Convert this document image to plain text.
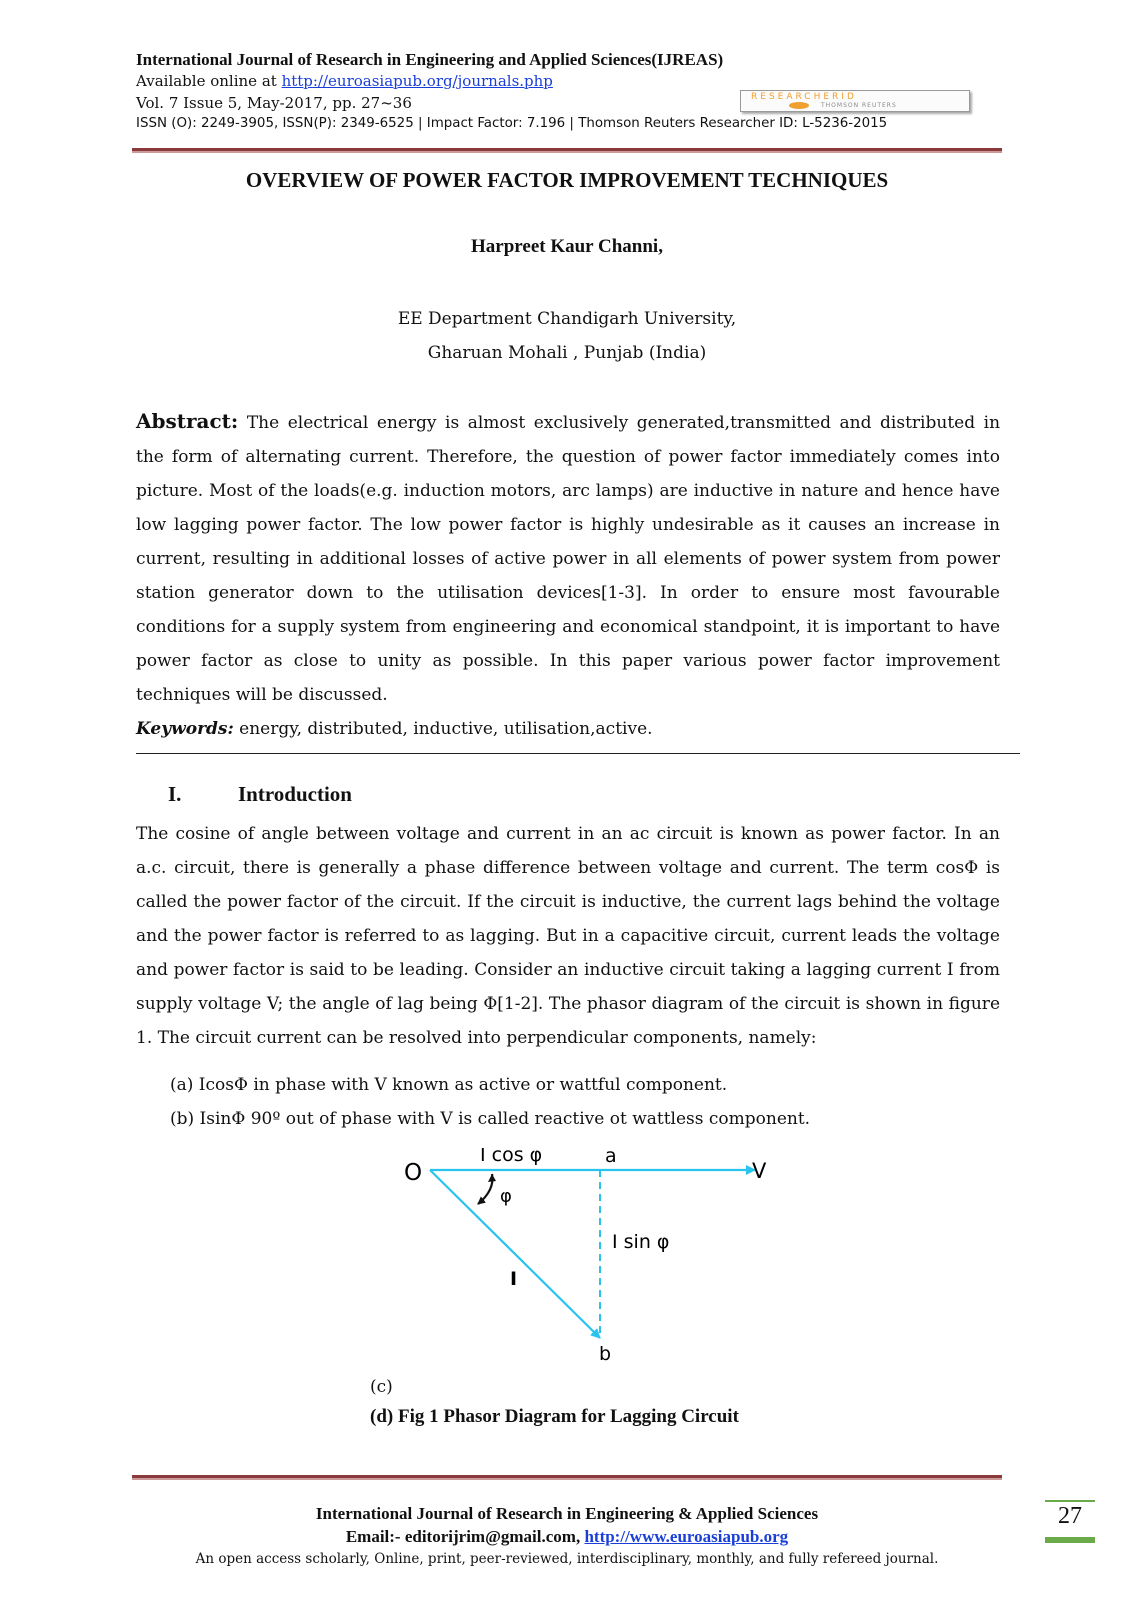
International Journal of Research in Engineering and Applied Sciences(IJREAS)
Available online at http://euroasiapub.org/journals.php
Vol. 7 Issue 5, May-2017, pp. 27~36
ISSN (O): 2249-3905, ISSN(P): 2349-6525 | Impact Factor: 7.196 | Thomson Reuters Researcher ID: L-5236-2015
RESEARCHERID
THOMSON REUTERS
OVERVIEW OF POWER FACTOR IMPROVEMENT TECHNIQUES
Harpreet Kaur Channi,
EE Department Chandigarh University,
Gharuan Mohali , Punjab (India)
Abstract: The electrical energy is almost exclusively generated,transmitted and distributed in the form of alternating current. Therefore, the question of power factor immediately comes into picture. Most of the loads(e.g. induction motors, arc lamps) are inductive in nature and hence have low lagging power factor. The low power factor is highly undesirable as it causes an increase in current, resulting in additional losses of active power in all elements of power system from power station generator down to the utilisation devices[1-3]. In order to ensure most favourable conditions for a supply system from engineering and economical standpoint, it is important to have power factor as close to unity as possible. In this paper various power factor improvement techniques will be discussed.
Keywords: energy, distributed, inductive, utilisation,active.
I.	Introduction
The cosine of angle between voltage and current in an ac circuit is known as power factor. In an a.c. circuit, there is generally a phase difference between voltage and current. The term cosΦ is called the power factor of the circuit. If the circuit is inductive, the current lags behind the voltage and the power factor is referred to as lagging. But in a capacitive circuit, current leads the voltage and power factor is said to be leading. Consider an inductive circuit taking a lagging current I from supply voltage V; the angle of lag being Φ[1-2]. The phasor diagram of the circuit is shown in figure 1. The circuit current can be resolved into perpendicular components, namely:
(a) IcosΦ in phase with V known as active or wattful component.
(b) IsinΦ 90º out of phase with V is called reactive ot wattless component.
O
I cos φ	a
V
φ
I sin φ
I
b
(c)
(d) Fig 1 Phasor Diagram for Lagging Circuit
International Journal of Research in Engineering & Applied Sciences
Email:- editorijrim@gmail.com, http://www.euroasiapub.org
An open access scholarly, Online, print, peer-reviewed, interdisciplinary, monthly, and fully refereed journal.
27
